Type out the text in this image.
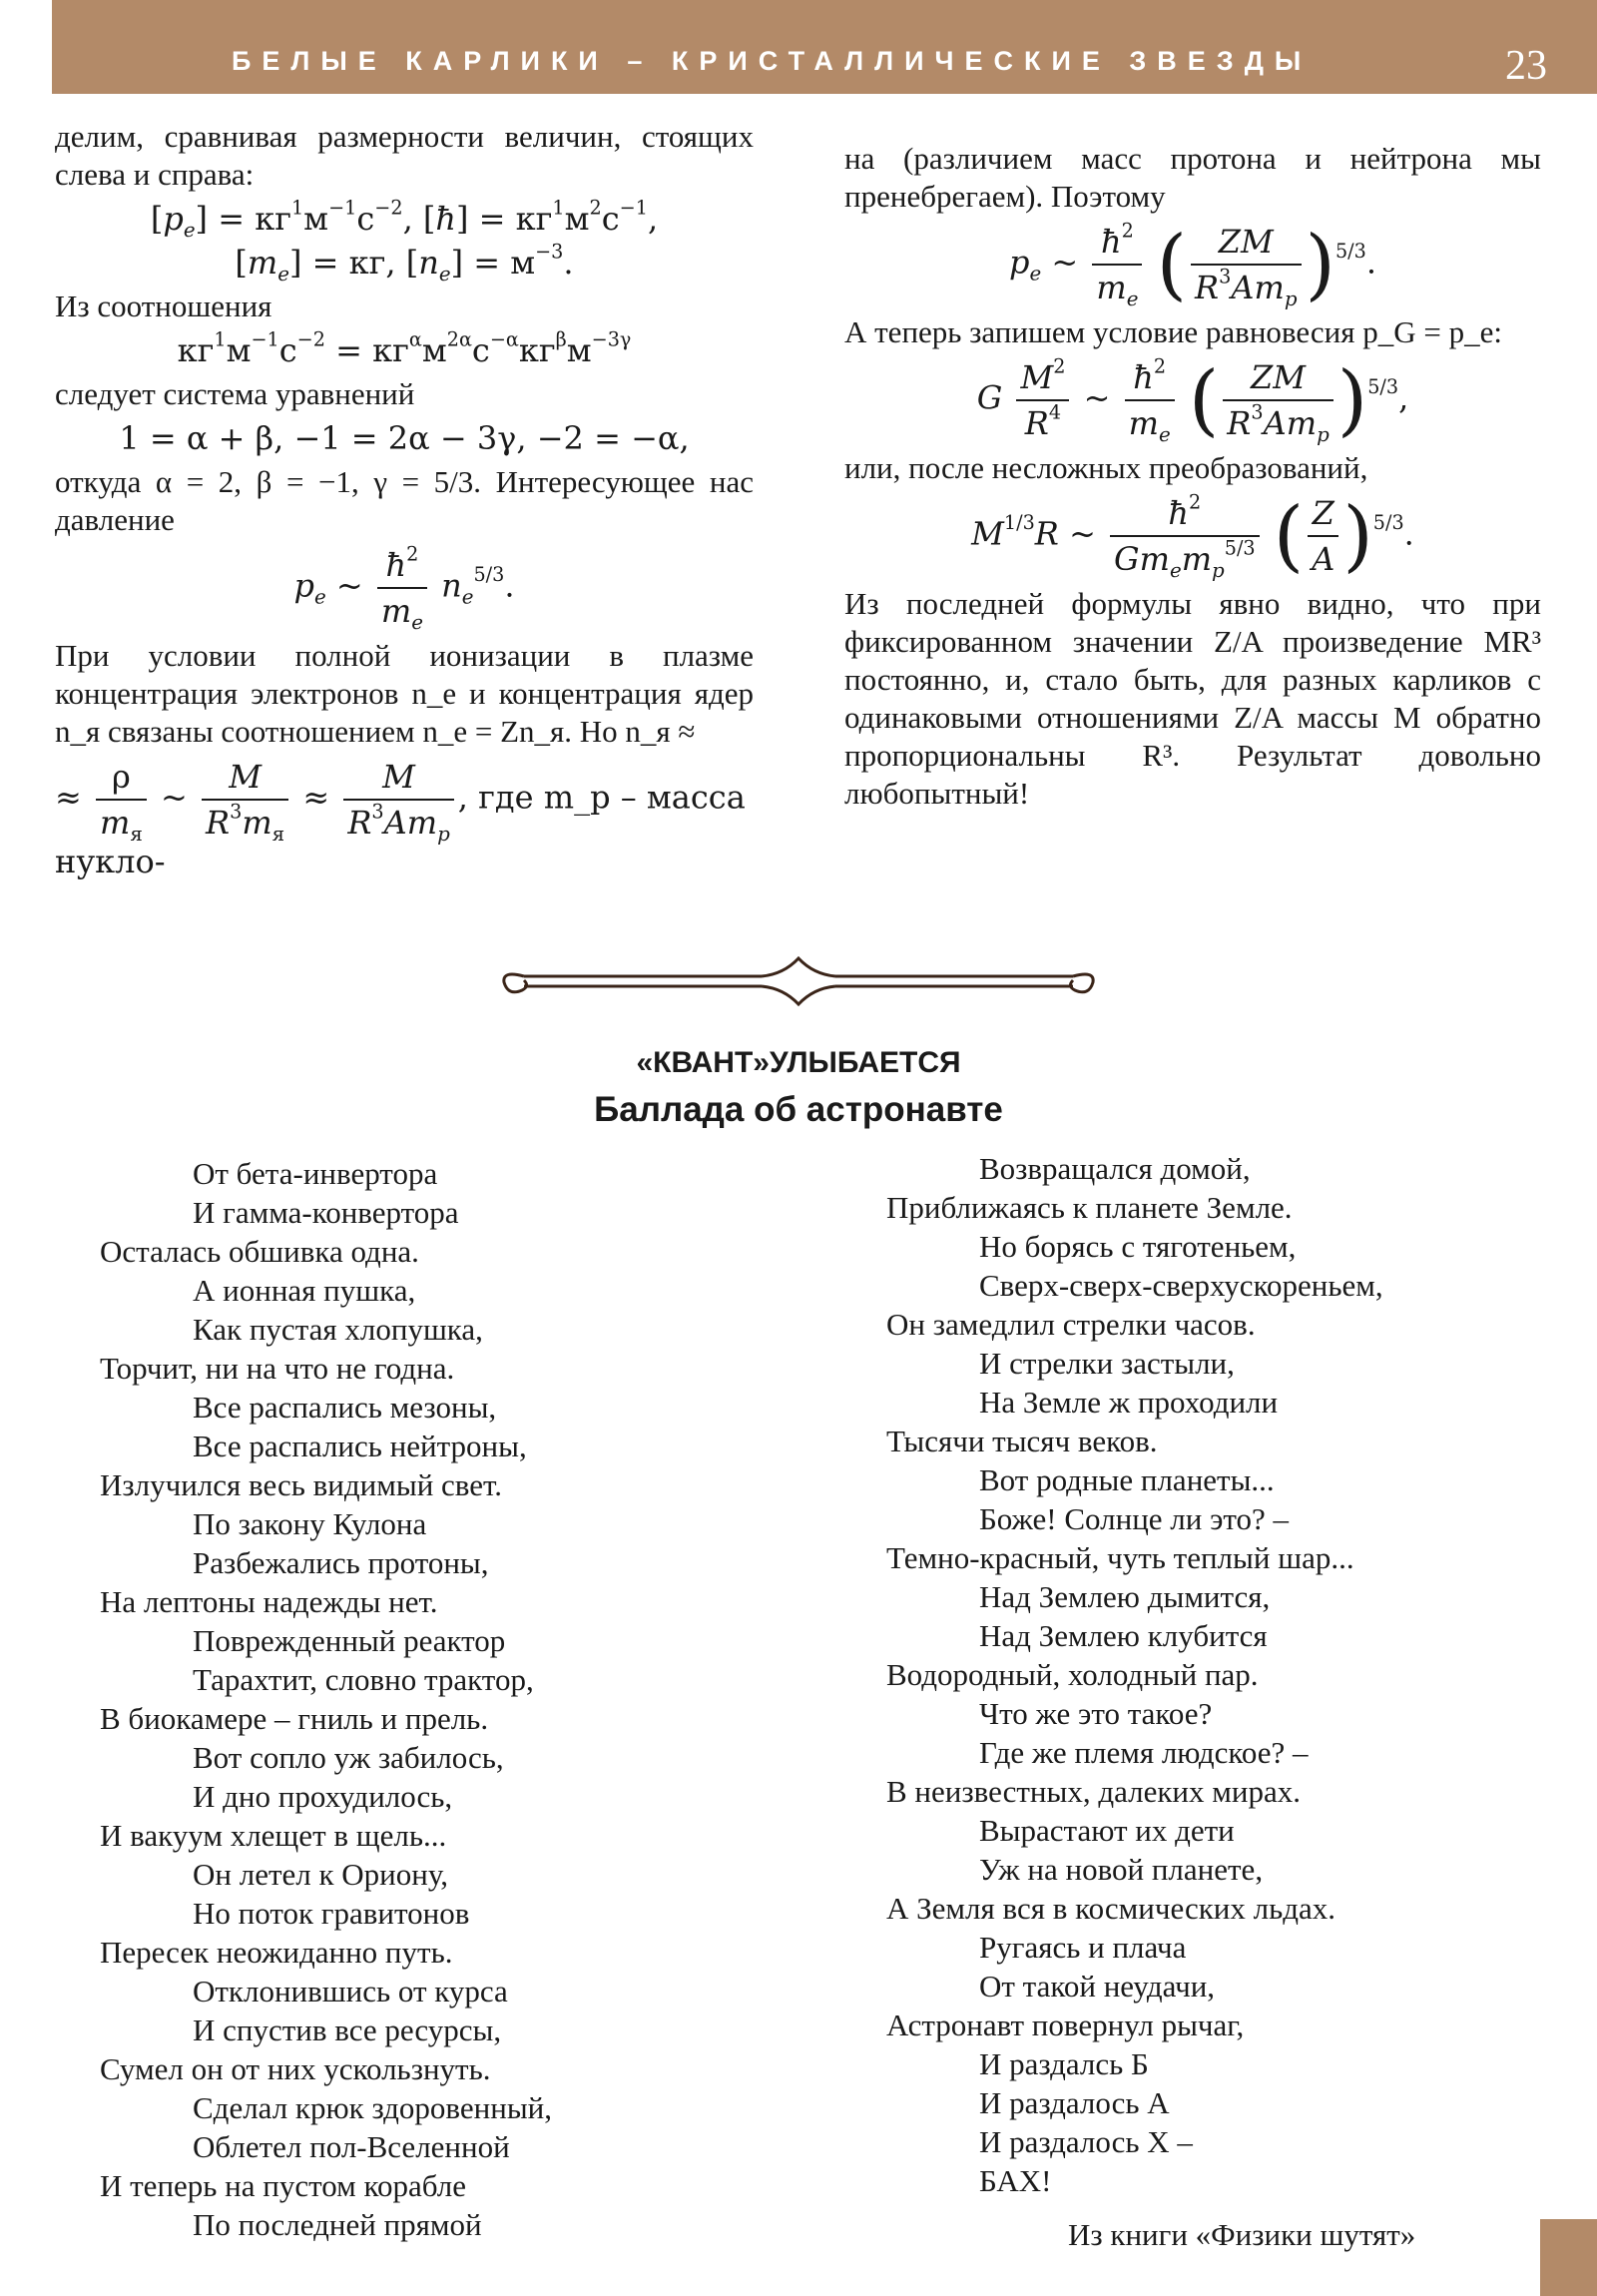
БЕЛЫЕ КАРЛИКИ – КРИСТАЛЛИЧЕСКИЕ ЗВЕЗДЫ	23

делим, сравнивая размерности величин, стоящих слева и справа:

$[p_e] = кг^1м^{-1}с^{-2}$, [ħ] = $кг^1м^2с^{-1}$,
$[m_e]$ = кг, $[n_e] = м^{-3}$.

Из соотношения

$кг^1м^{-1}с^{-2} = кг^\alpha м^{2\alpha}с^{-\alpha}кг^\beta м^{-3\gamma}$

следует система уравнений

1 = α + β, −1 = 2α − 3γ, −2 = −α,

откуда α = 2, β = −1, γ = 5/3. Интересующее нас давление

$p_e$ ~ $\frac{ħ^2}{m_e} n_e^{5/3}$.

При условии полной ионизации в плазме концентрация электронов n_e и концентрация ядер n_я связаны соотношением n_e = Zn_я. Но n_я ≈

≈ $\frac{\rho}{m_я}$ ~ $\frac{M}{R^3m_я} \approx \frac{M}{R^3Am_p}$ , где m_p – масса нукло-

на (различием масс протона и нейтрона мы пренебрегаем). Поэтому

$p_e$ ~ $\frac{ħ^2}{m_e}$ ( $\frac{ZM}{R^3Am_p} )^{5/3}$.

А теперь запишем условие равновесия p_G = p_e:

G $\frac{M^2}{R^4}$ ~ $\frac{ħ^2}{m_e}$ ( $\frac{ZM}{R^3Am_p} )^{5/3}$,

или, после несложных преобразований,

$M^{1/3}R$ ~ $\frac{ħ^2}{Gm_em_p^{5/3}}$ ( $\frac{Z}{A} )^{5/3}$.

Из последней формулы явно видно, что при фиксированном значении Z/A произведение MR³ постоянно, и, стало быть, для разных карликов с одинаковыми отношениями Z/A массы M обратно пропорциональны R³. Результат довольно любопытный!

«КВАНТ»УЛЫБАЕТСЯ
Баллада об астронавте
От бета-инвертора
И гамма-конвертора
Осталась обшивка одна.
А ионная пушка,
Как пустая хлопушка,
Торчит, ни на что не годна.
Все распались мезоны,
Все распались нейтроны,
Излучился весь видимый свет.
По закону Кулона
Разбежались протоны,
На лептоны надежды нет.
Поврежденный реактор
Тарахтит, словно трактор,
В биокамере – гниль и прель.
Вот сопло уж забилось,
И дно прохудилось,
И вакуум хлещет в щель...
Он летел к Ориону,
Но поток гравитонов
Пересек неожиданно путь.
Отклонившись от курса
И спустив все ресурсы,
Сумел он от них ускользнуть.
Сделал крюк здоровенный,
Облетел пол-Вселенной
И теперь на пустом корабле
По последней прямой
Возвращался домой,
Приближаясь к планете Земле.
Но борясь с тяготеньем,
Сверх-сверх-сверхускореньем,
Он замедлил стрелки часов.
И стрелки застыли,
На Земле ж проходили
Тысячи тысяч веков.
Вот родные планеты...
Боже! Солнце ли это? –
Темно-красный, чуть теплый шар...
Над Землею дымится,
Над Землею клубится
Водородный, холодный пар.
Что же это такое?
Где же племя людское? –
В неизвестных, далеких мирах.
Вырастают их дети
Уж на новой планете,
А Земля вся в космических льдах.
Ругаясь и плача
От такой неудачи,
Астронавт повернул рычаг,
И раздалсь Б
И раздалось А
И раздалось Х –
БАХ!
Из книги «Физики шутят»
